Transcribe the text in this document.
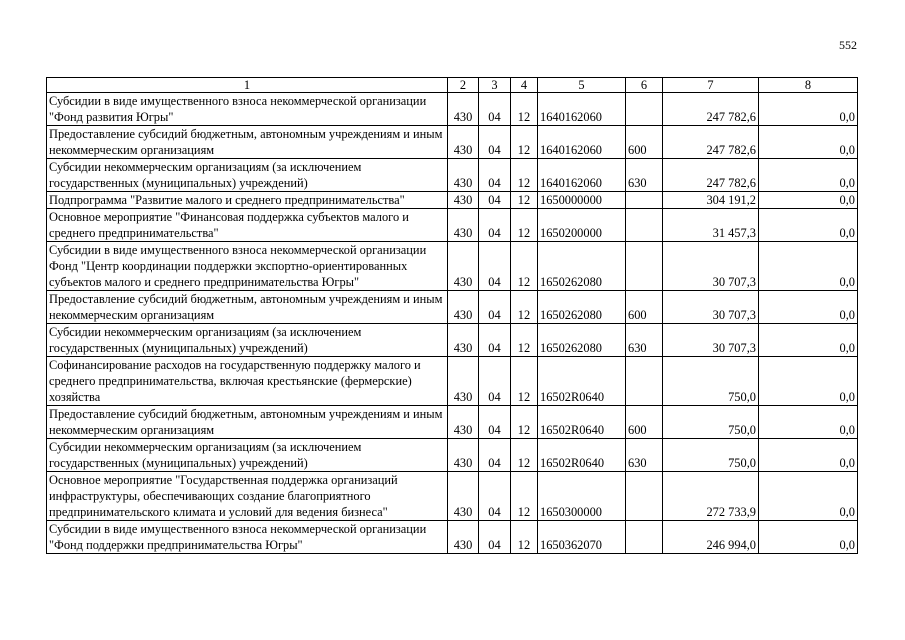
552
1	2	3	4	5	6	7	8
Субсидии в виде имущественного взноса некоммерческой организации "Фонд развития Югры"	430	04	12	1640162060		247 782,6	0,0
Предоставление субсидий бюджетным, автономным учреждениям и иным некоммерческим организациям	430	04	12	1640162060	600	247 782,6	0,0
Субсидии некоммерческим организациям (за исключением государственных (муниципальных) учреждений)	430	04	12	1640162060	630	247 782,6	0,0
Подпрограмма "Развитие малого и среднего предпринимательства"	430	04	12	1650000000		304 191,2	0,0
Основное мероприятие "Финансовая поддержка субъектов малого и среднего предпринимательства"	430	04	12	1650200000		31 457,3	0,0
Субсидии в виде имущественного взноса некоммерческой организации Фонд "Центр координации поддержки экспортно-ориентированных субъектов малого и среднего предпринимательства Югры"	430	04	12	1650262080		30 707,3	0,0
Предоставление субсидий бюджетным, автономным учреждениям и иным некоммерческим организациям	430	04	12	1650262080	600	30 707,3	0,0
Субсидии некоммерческим организациям (за исключением государственных (муниципальных) учреждений)	430	04	12	1650262080	630	30 707,3	0,0
Софинансирование расходов на государственную поддержку малого и среднего предпринимательства, включая крестьянские (фермерские) хозяйства	430	04	12	16502R0640		750,0	0,0
Предоставление субсидий бюджетным, автономным учреждениям и иным некоммерческим организациям	430	04	12	16502R0640	600	750,0	0,0
Субсидии некоммерческим организациям (за исключением государственных (муниципальных) учреждений)	430	04	12	16502R0640	630	750,0	0,0
Основное мероприятие "Государственная поддержка организаций инфраструктуры, обеспечивающих создание благоприятного предпринимательского климата и условий для ведения бизнеса"	430	04	12	1650300000		272 733,9	0,0
Субсидии в виде имущественного взноса некоммерческой организации "Фонд поддержки предпринимательства Югры"	430	04	12	1650362070		246 994,0	0,0
